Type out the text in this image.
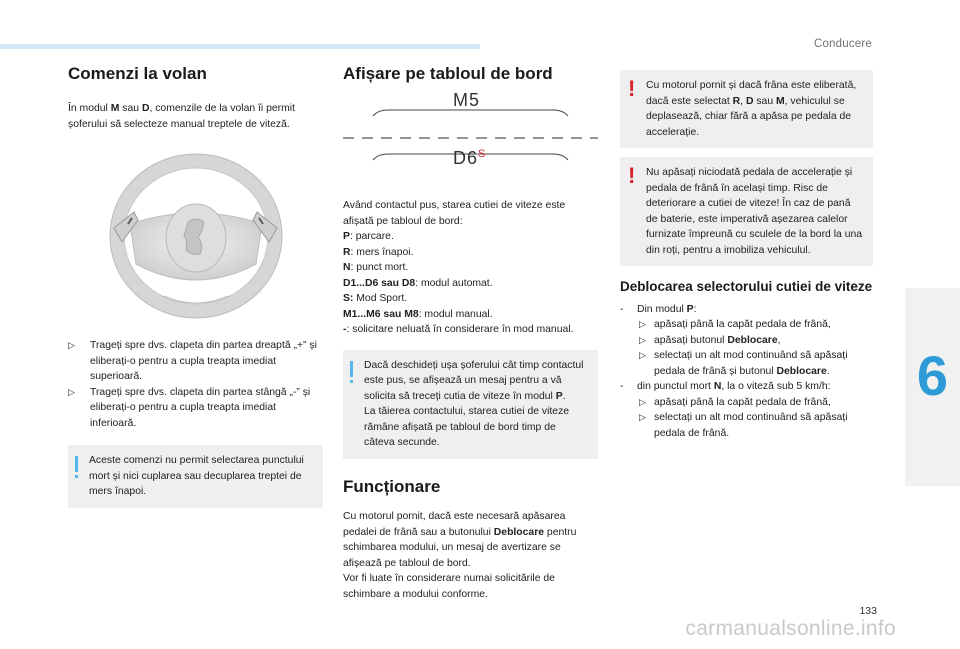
Conducere
6
133
carmanualsonline.info
Comenzi la volan

În modul M sau D, comenzile de la volan îi permit șoferului să selecteze manual treptele de viteză.

▷ Trageți spre dvs. clapeta din partea dreaptă „+” și eliberați-o pentru a cupla treapta imediat superioară.
▷ Trageți spre dvs. clapeta din partea stângă „-” și eliberați-o pentru a cupla treapta imediat inferioară.
Aceste comenzi nu permit selectarea punctului mort și nici cuplarea sau decuplarea treptei de mers înapoi.
Afișare pe tabloul de bord
M5
$D6^S$

Având contactul pus, starea cutiei de viteze este afișată pe tabloul de bord:

P: parcare.
R: mers înapoi.
N: punct mort.
D1...D6 sau D8: modul automat.
S: Mod Sport.
M1...M6 sau M8: modul manual.
-: solicitare neluată în considerare în mod manual.
Dacă deschideți ușa șoferului cât timp contactul este pus, se afișează un mesaj pentru a vă solicita să treceți cutia de viteze în modul P.
La tăierea contactului, starea cutiei de viteze rămâne afișată pe tabloul de bord timp de câteva secunde.
Funcționare

Cu motorul pornit, dacă este necesară apăsarea pedalei de frână sau a butonului Deblocare pentru schimbarea modului, un mesaj de avertizare se afișează pe tabloul de bord.
Vor fi luate în considerare numai solicitările de schimbare a modului conforme.

! Cu motorul pornit și dacă frâna este eliberată, dacă este selectat R, D sau M, vehiculul se deplasează, chiar fără a apăsa pe pedala de accelerație.
! Nu apăsați niciodată pedala de accelerație și pedala de frână în același timp. Risc de deteriorare a cutiei de viteze! În caz de pană de baterie, este imperativă așezarea calelor furnizate împreună cu sculele de la bord la una din roți, pentru a imobiliza vehiculul.
Deblocarea selectorului cutiei de viteze
- Din modul P:
▷ apăsați până la capăt pedala de frână,
▷ apăsați butonul Deblocare,
▷ selectați un alt mod continuând să apăsați pedala de frână și butonul Deblocare.
- din punctul mort N, la o viteză sub 5 km/h:
▷ apăsați până la capăt pedala de frână,
▷ selectați un alt mod continuând să apăsați pedala de frână.
